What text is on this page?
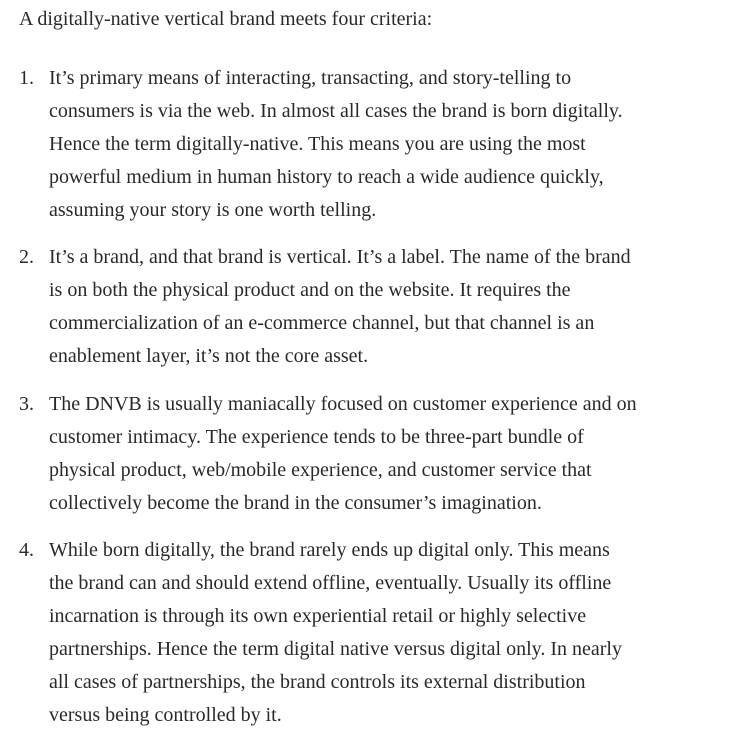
A digitally-native vertical brand meets four criteria:

1. It’s primary means of interacting, transacting, and story-telling to
consumers is via the web. In almost all cases the brand is born digitally.
Hence the term digitally-native. This means you are using the most
powerful medium in human history to reach a wide audience quickly,
assuming your story is one worth telling.
2. It’s a brand, and that brand is vertical. It’s a label. The name of the brand
is on both the physical product and on the website. It requires the
commercialization of an e-commerce channel, but that channel is an
enablement layer, it’s not the core asset.
3. The DNVB is usually maniacally focused on customer experience and on
customer intimacy. The experience tends to be three-part bundle of
physical product, web/mobile experience, and customer service that
collectively become the brand in the consumer’s imagination.
4. While born digitally, the brand rarely ends up digital only. This means
the brand can and should extend offline, eventually. Usually its offline
incarnation is through its own experiential retail or highly selective
partnerships. Hence the term digital native versus digital only. In nearly
all cases of partnerships, the brand controls its external distribution
versus being controlled by it.
